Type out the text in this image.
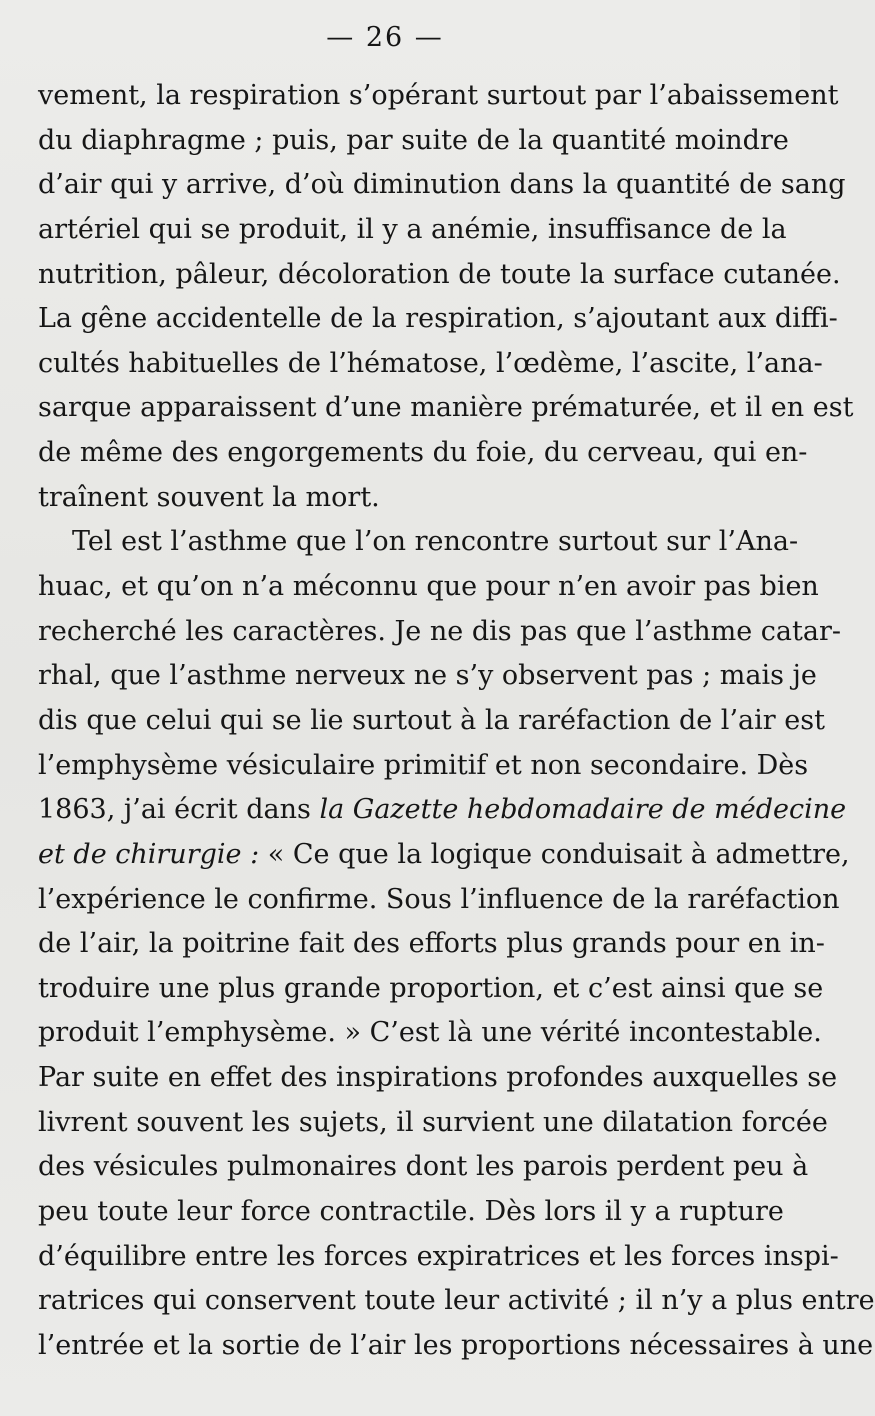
— 26 —
vement, la respiration s’opérant surtout par l’abaissement
du diaphragme ; puis, par suite de la quantité moindre
d’air qui y arrive, d’où diminution dans la quantité de sang
artériel qui se produit, il y a anémie, insuffisance de la
nutrition, pâleur, décoloration de toute la surface cutanée.
La gêne accidentelle de la respiration, s’ajoutant aux diffi-
cultés habituelles de l’hématose, l’œdème, l’ascite, l’ana-
sarque apparaissent d’une manière prématurée, et il en est
de même des engorgements du foie, du cerveau, qui en-
traînent souvent la mort.
Tel est l’asthme que l’on rencontre surtout sur l’Ana-
huac, et qu’on n’a méconnu que pour n’en avoir pas bien
recherché les caractères. Je ne dis pas que l’asthme catar-
rhal, que l’asthme nerveux ne s’y observent pas ; mais je
dis que celui qui se lie surtout à la raréfaction de l’air est
l’emphysème vésiculaire primitif et non secondaire. Dès
1863, j’ai écrit dans la Gazette hebdomadaire de médecine
et de chirurgie : « Ce que la logique conduisait à admettre,
l’expérience le confirme. Sous l’influence de la raréfaction
de l’air, la poitrine fait des efforts plus grands pour en in-
troduire une plus grande proportion, et c’est ainsi que se
produit l’emphysème. » C’est là une vérité incontestable.
Par suite en effet des inspirations profondes auxquelles se
livrent souvent les sujets, il survient une dilatation forcée
des vésicules pulmonaires dont les parois perdent peu à
peu toute leur force contractile. Dès lors il y a rupture
d’équilibre entre les forces expiratrices et les forces inspi-
ratrices qui conservent toute leur activité ; il n’y a plus entre
l’entrée et la sortie de l’air les proportions nécessaires à une
